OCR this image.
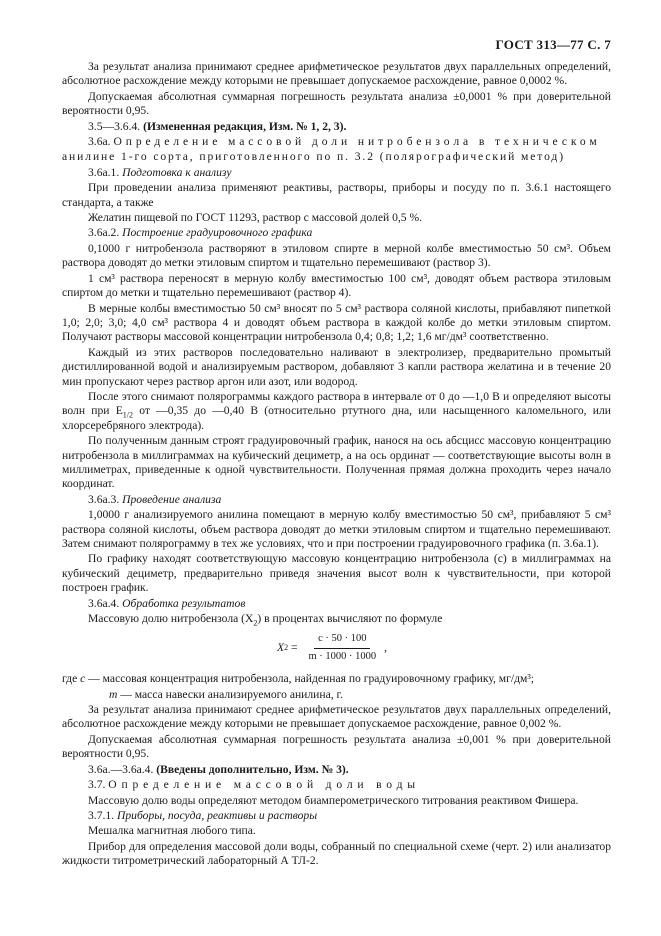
ГОСТ 313—77 С. 7

За результат анализа принимают среднее арифметическое результатов двух параллельных определений, абсолютное расхождение между которыми не превышает допускаемое расхождение, равное 0,0002 %.

Допускаемая абсолютная суммарная погрешность результата анализа ±0,0001 % при доверительной вероятности 0,95.

3.5—3.6.4. (Измененная редакция, Изм. № 1, 2, 3).

3.6а. Определение массовой доли нитробензола в техническом

анилине 1-го сорта, приготовленного по п. 3.2 (полярографический метод)

3.6а.1. Подготовка к анализу

При проведении анализа применяют реактивы, растворы, приборы и посуду по п. 3.6.1 настоящего стандарта, а также

Желатин пищевой по ГОСТ 11293, раствор с массовой долей 0,5 %.

3.6а.2. Построение градуировочного графика

0,1000 г нитробензола растворяют в этиловом спирте в мерной колбе вместимостью 50 см³. Объем раствора доводят до метки этиловым спиртом и тщательно перемешивают (раствор 3).

1 см³ раствора переносят в мерную колбу вместимостью 100 см³, доводят объем раствора этиловым спиртом до метки и тщательно перемешивают (раствор 4).

В мерные колбы вместимостью 50 см³ вносят по 5 см³ раствора соляной кислоты, прибавляют пипеткой 1,0; 2,0; 3,0; 4,0 см³ раствора 4 и доводят объем раствора в каждой колбе до метки этиловым спиртом. Получают растворы массовой концентрации нитробензола 0,4; 0,8; 1,2; 1,6 мг/дм³ соответственно.

Каждый из этих растворов последовательно наливают в электролизер, предварительно промытый дистиллированной водой и анализируемым раствором, добавляют 3 капли раствора желатина и в течение 20 мин пропускают через раствор аргон или азот, или водород.

После этого снимают полярограммы каждого раствора в интервале от 0 до —1,0 В и определяют высоты волн при $E_{1/2}$ от —0,35 до —0,40 В (относительно ртутного дна, или насыщенного каломельного, или хлорсеребряного электрода).

По полученным данным строят градуировочный график, нанося на ось абсцисс массовую концентрацию нитробензола в миллиграммах на кубический дециметр, а на ось ординат — соответствующие высоты волн в миллиметрах, приведенные к одной чувствительности. Полученная прямая должна проходить через начало координат.

3.6а.3. Проведение анализа

1,0000 г анализируемого анилина помещают в мерную колбу вместимостью 50 см³, прибавляют 5 см³ раствора соляной кислоты, объем раствора доводят до метки этиловым спиртом и тщательно перемешивают. Затем снимают полярограмму в тех же условиях, что и при построении градуировочного графика (п. 3.6а.1).

По графику находят соответствующую массовую концентрацию нитробензола (с) в миллиграммах на кубический дециметр, предварительно приведя значения высот волн к чувствительности, при которой построен график.

3.6а.4. Обработка результатов

Массовую долю нитробензола $(X_2)$ в процентах вычисляют по формуле

X $2 = \frac{c \cdot 50 \cdot 100}{m \cdot 1000 \cdot 1000}$ ,

где c — массовая концентрация нитробензола, найденная по градуировочному графику, мг/дм³;

m — масса навески анализируемого анилина, г.

За результат анализа принимают среднее арифметическое результатов двух параллельных определений, абсолютное расхождение между которыми не превышает допускаемое расхождение, равное 0,002 %.

Допускаемая абсолютная суммарная погрешность результата анализа ±0,001 % при доверительной вероятности 0,95.

3.6а.—3.6а.4. (Введены дополнительно, Изм. № 3).

3.7. Определение массовой доли воды

Массовую долю воды определяют методом биамперометрического титрования реактивом Фишера.

3.7.1. Приборы, посуда, реактивы и растворы

Мешалка магнитная любого типа.

Прибор для определения массовой доли воды, собранный по специальной схеме (черт. 2) или анализатор жидкости титрометрический лабораторный А ТЛ-2.
